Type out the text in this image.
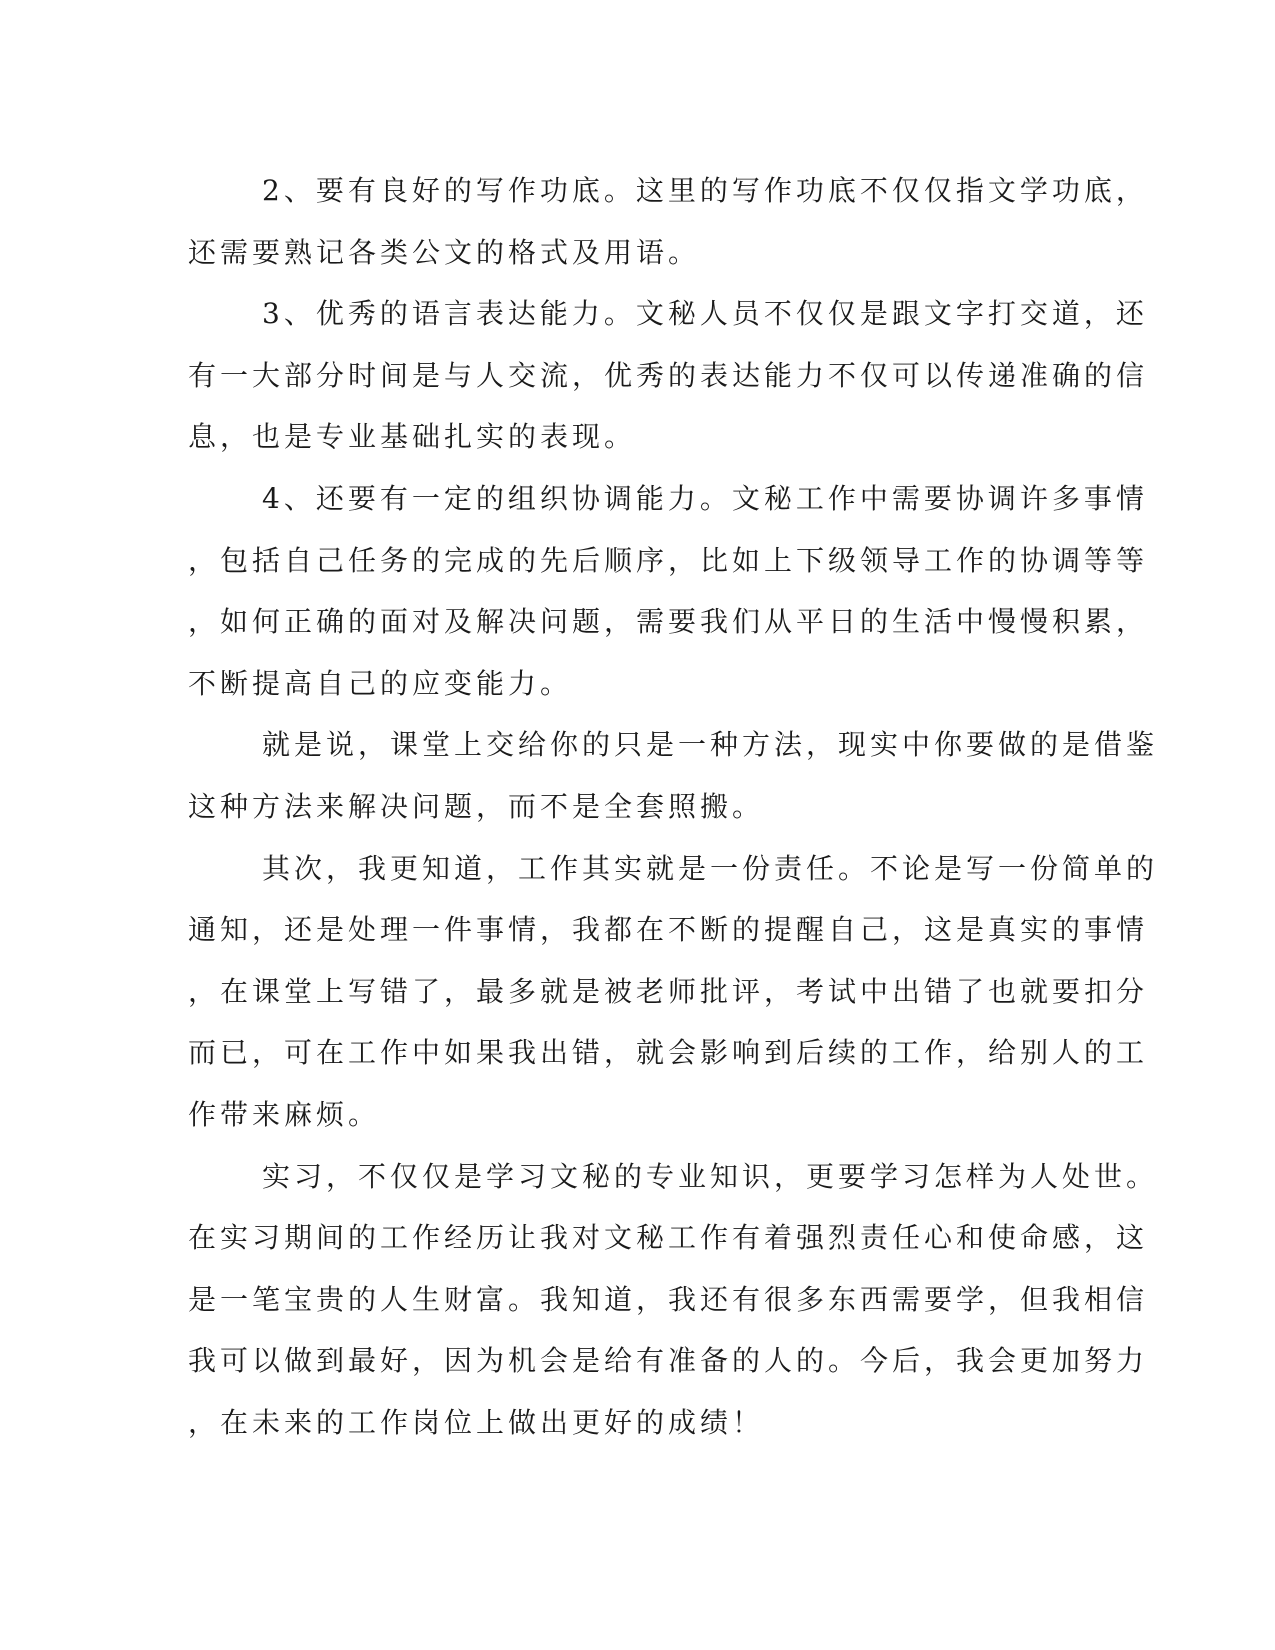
2、要有良好的写作功底。这里的写作功底不仅仅指文学功底，
还需要熟记各类公文的格式及用语。
3、优秀的语言表达能力。文秘人员不仅仅是跟文字打交道，还
有一大部分时间是与人交流，优秀的表达能力不仅可以传递准确的信
息，也是专业基础扎实的表现。
4、还要有一定的组织协调能力。文秘工作中需要协调许多事情
，包括自己任务的完成的先后顺序，比如上下级领导工作的协调等等
，如何正确的面对及解决问题，需要我们从平日的生活中慢慢积累，
不断提高自己的应变能力。
就是说，课堂上交给你的只是一种方法，现实中你要做的是借鉴
这种方法来解决问题，而不是全套照搬。
其次，我更知道，工作其实就是一份责任。不论是写一份简单的
通知，还是处理一件事情，我都在不断的提醒自己，这是真实的事情
，在课堂上写错了，最多就是被老师批评，考试中出错了也就要扣分
而已，可在工作中如果我出错，就会影响到后续的工作，给别人的工
作带来麻烦。
实习，不仅仅是学习文秘的专业知识，更要学习怎样为人处世。
在实习期间的工作经历让我对文秘工作有着强烈责任心和使命感，这
是一笔宝贵的人生财富。我知道，我还有很多东西需要学，但我相信
我可以做到最好，因为机会是给有准备的人的。今后，我会更加努力
，在未来的工作岗位上做出更好的成绩！
